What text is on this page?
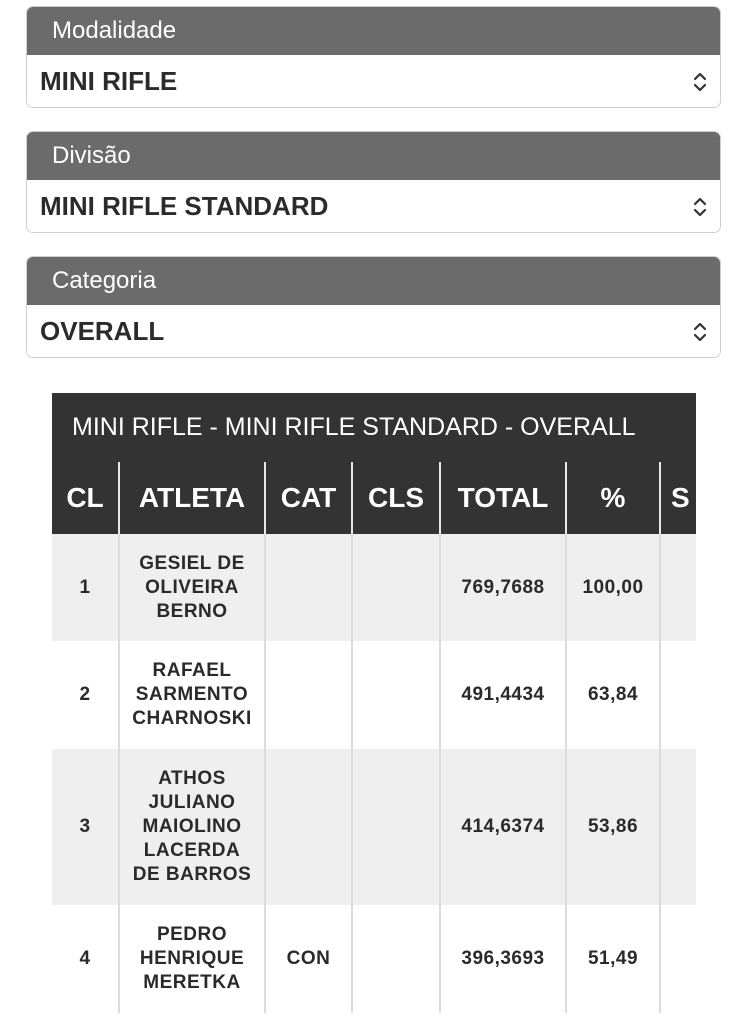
Modalidade
MINI RIFLE
Divisão
MINI RIFLE STANDARD
Categoria
OVERALL
MINI RIFLE - MINI RIFLE STANDARD - OVERALL
CL	ATLETA	CAT	CLS	TOTAL	%	S
1	GESIEL DE
OLIVEIRA
BERNO			769,7688	100,00	
2	RAFAEL
SARMENTO
CHARNOSKI			491,4434	63,84	
3	ATHOS
JULIANO
MAIOLINO
LACERDA
DE BARROS			414,6374	53,86	
4	PEDRO
HENRIQUE
MERETKA	CON		396,3693	51,49	
